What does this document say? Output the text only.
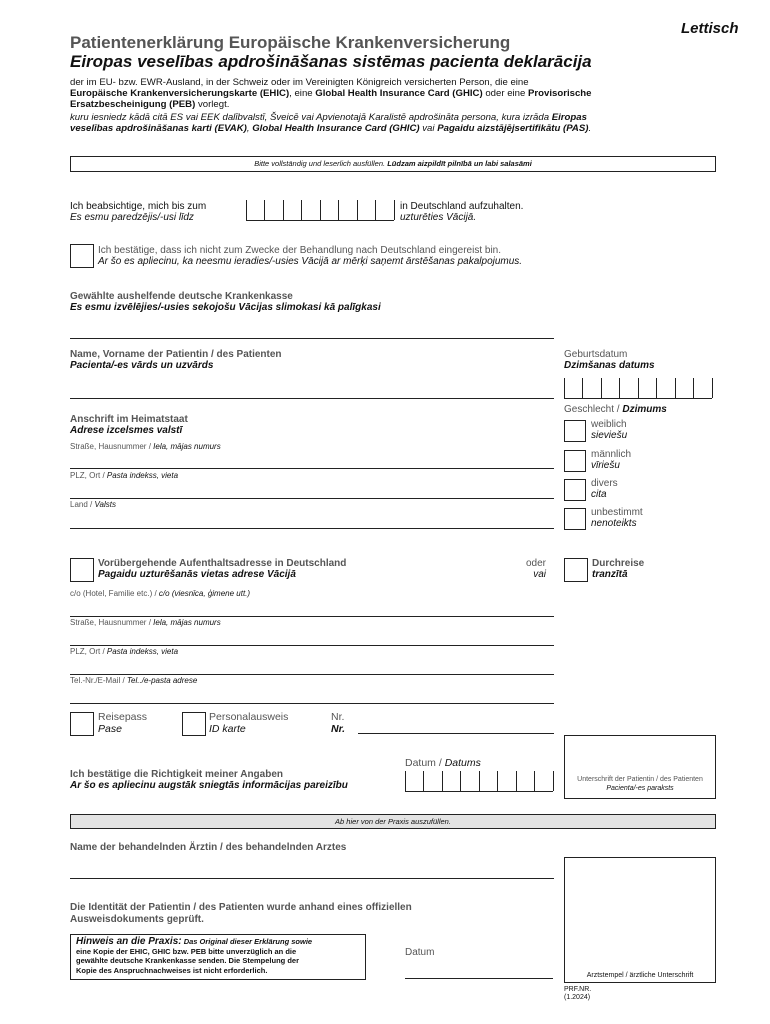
Lettisch
Patientenerklärung Europäische Krankenversicherung
Eiropas veselības apdrošināšanas sistēmas pacienta deklarācija
der im EU- bzw. EWR-Ausland, in der Schweiz oder im Vereinigten Königreich versicherten Person, die eine
Europäische Krankenversicherungskarte (EHIC), eine Global Health Insurance Card (GHIC) oder eine Provisorische
Ersatzbescheinigung (PEB) vorlegt.
kuru iesniedz kādā citā ES vai EEK dalībvalstī, Šveicē vai Apvienotajā Karalistē apdrošināta persona, kura izrāda Eiropas
veselības apdrošināšanas karti (EVAK), Global Health Insurance Card (GHIC) vai Pagaidu aizstājējsertifikātu (PAS).
Bitte vollständig und leserlich ausfüllen. Lūdzam aizpildīt pilnībā un labi salasāmi
Ich beabsichtige, mich bis zum
Es esmu paredzējis/-usi līdz
in Deutschland aufzuhalten.
uzturēties Vācijā.
Ich bestätige, dass ich nicht zum Zwecke der Behandlung nach Deutschland eingereist bin.
Ar šo es apliecinu, ka neesmu ieradies/-usies Vācijā ar mērķi saņemt ārstēšanas pakalpojumus.
Gewählte aushelfende deutsche Krankenkasse
Es esmu izvēlējies/-usies sekojošu Vācijas slimokasi kā palīgkasi
Name, Vorname der Patientin / des Patienten
Pacienta/-es vārds un uzvārds
Geburtsdatum
Dzimšanas datums
Geschlecht / Dzimums
weiblich
sieviešu
männlich
vīriešu
divers
cita
unbestimmt
nenoteikts
Anschrift im Heimatstaat
Adrese izcelsmes valstī
Straße, Hausnummer / Iela, mājas numurs
PLZ, Ort / Pasta indekss, vieta
Land / Valsts
Vorübergehende Aufenthaltsadresse in Deutschland
Pagaidu uzturēšanās vietas adrese Vācijā
oder
vai
Durchreise
tranzītā
c/o (Hotel, Familie etc.) / c/o (viesnīca, ģimene utt.)
Straße, Hausnummer / Iela, mājas numurs
PLZ, Ort / Pasta indekss, vieta
Tel.-Nr./E-Mail / Tel../e-pasta adrese
Reisepass
Pase
Personalausweis
ID karte
Nr.
Nr.
Datum / Datums
Ich bestätige die Richtigkeit meiner Angaben
Ar šo es apliecinu augstāk sniegtās informācijas pareizību
Unterschrift der Patientin / des Patienten
Pacienta/-es paraksts
Ab hier von der Praxis auszufüllen.
Name der behandelnden Ärztin / des behandelnden Arztes
Die Identität der Patientin / des Patienten wurde anhand eines offiziellen
Ausweisdokuments geprüft.
Hinweis an die Praxis: Das Original dieser Erklärung sowie
eine Kopie der EHIC, GHIC bzw. PEB bitte unverzüglich an die
gewählte deutsche Krankenkasse senden. Die Stempelung der
Kopie des Anspruchnachweises ist nicht erforderlich.
Datum
Arztstempel / ärztliche Unterschrift
PRF.NR.
(1.2024)
